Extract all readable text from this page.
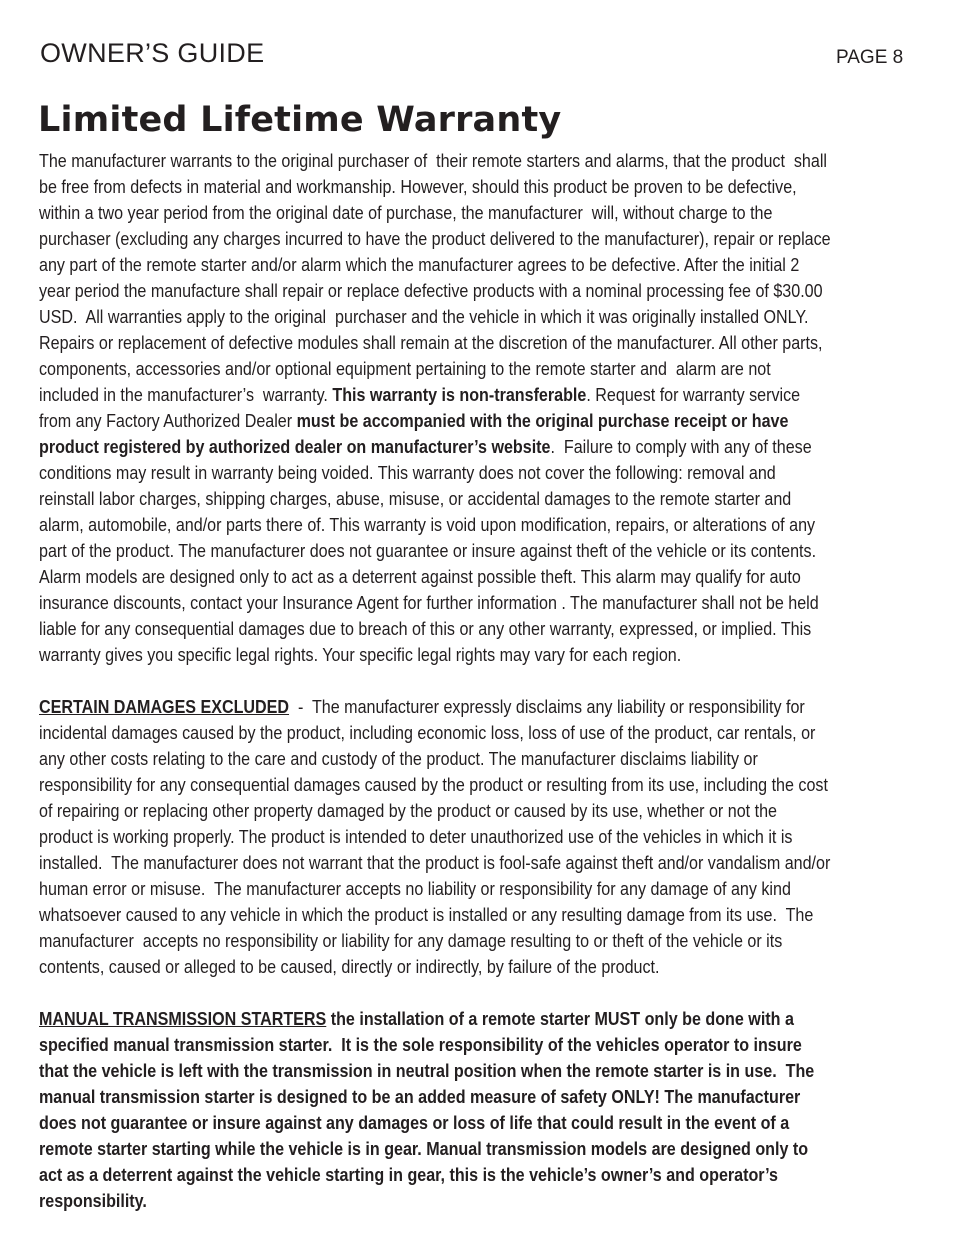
OWNER’S GUIDE	PAGE 8
Limited Lifetime Warranty
The manufacturer warrants to the original purchaser of  their remote starters and alarms, that the product  shall
be free from defects in material and workmanship. However, should this product be proven to be defective,
within a two year period from the original date of purchase, the manufacturer  will, without charge to the
purchaser (excluding any charges incurred to have the product delivered to the manufacturer), repair or replace
any part of the remote starter and/or alarm which the manufacturer agrees to be defective. After the initial 2
year period the manufacture shall repair or replace defective products with a nominal processing fee of $30.00
USD.  All warranties apply to the original  purchaser and the vehicle in which it was originally installed ONLY.
Repairs or replacement of defective modules shall remain at the discretion of the manufacturer. All other parts,
components, accessories and/or optional equipment pertaining to the remote starter and  alarm are not
included in the manufacturer’s  warranty. This warranty is non-transferable. Request for warranty service
from any Factory Authorized Dealer must be accompanied with the original purchase receipt or have
product registered by authorized dealer on manufacturer’s website.  Failure to comply with any of these
conditions may result in warranty being voided. This warranty does not cover the following: removal and
reinstall labor charges, shipping charges, abuse, misuse, or accidental damages to the remote starter and
alarm, automobile, and/or parts there of. This warranty is void upon modification, repairs, or alterations of any
part of the product. The manufacturer does not guarantee or insure against theft of the vehicle or its contents.
Alarm models are designed only to act as a deterrent against possible theft. This alarm may qualify for auto
insurance discounts, contact your Insurance Agent for further information . The manufacturer shall not be held
liable for any consequential damages due to breach of this or any other warranty, expressed, or implied. This
warranty gives you specific legal rights. Your specific legal rights may vary for each region.
CERTAIN DAMAGES EXCLUDED  -  The manufacturer expressly disclaims any liability or responsibility for
incidental damages caused by the product, including economic loss, loss of use of the product, car rentals, or
any other costs relating to the care and custody of the product. The manufacturer disclaims liability or
responsibility for any consequential damages caused by the product or resulting from its use, including the cost
of repairing or replacing other property damaged by the product or caused by its use, whether or not the
product is working properly. The product is intended to deter unauthorized use of the vehicles in which it is
installed.  The manufacturer does not warrant that the product is fool-safe against theft and/or vandalism and/or
human error or misuse.  The manufacturer accepts no liability or responsibility for any damage of any kind
whatsoever caused to any vehicle in which the product is installed or any resulting damage from its use.  The
manufacturer  accepts no responsibility or liability for any damage resulting to or theft of the vehicle or its
contents, caused or alleged to be caused, directly or indirectly, by failure of the product.
MANUAL TRANSMISSION STARTERS the installation of a remote starter MUST only be done with a
specified manual transmission starter.  It is the sole responsibility of the vehicles operator to insure
that the vehicle is left with the transmission in neutral position when the remote starter is in use.  The
manual transmission starter is designed to be an added measure of safety ONLY! The manufacturer
does not guarantee or insure against any damages or loss of life that could result in the event of a
remote starter starting while the vehicle is in gear. Manual transmission models are designed only to
act as a deterrent against the vehicle starting in gear, this is the vehicle’s owner’s and operator’s
responsibility.
